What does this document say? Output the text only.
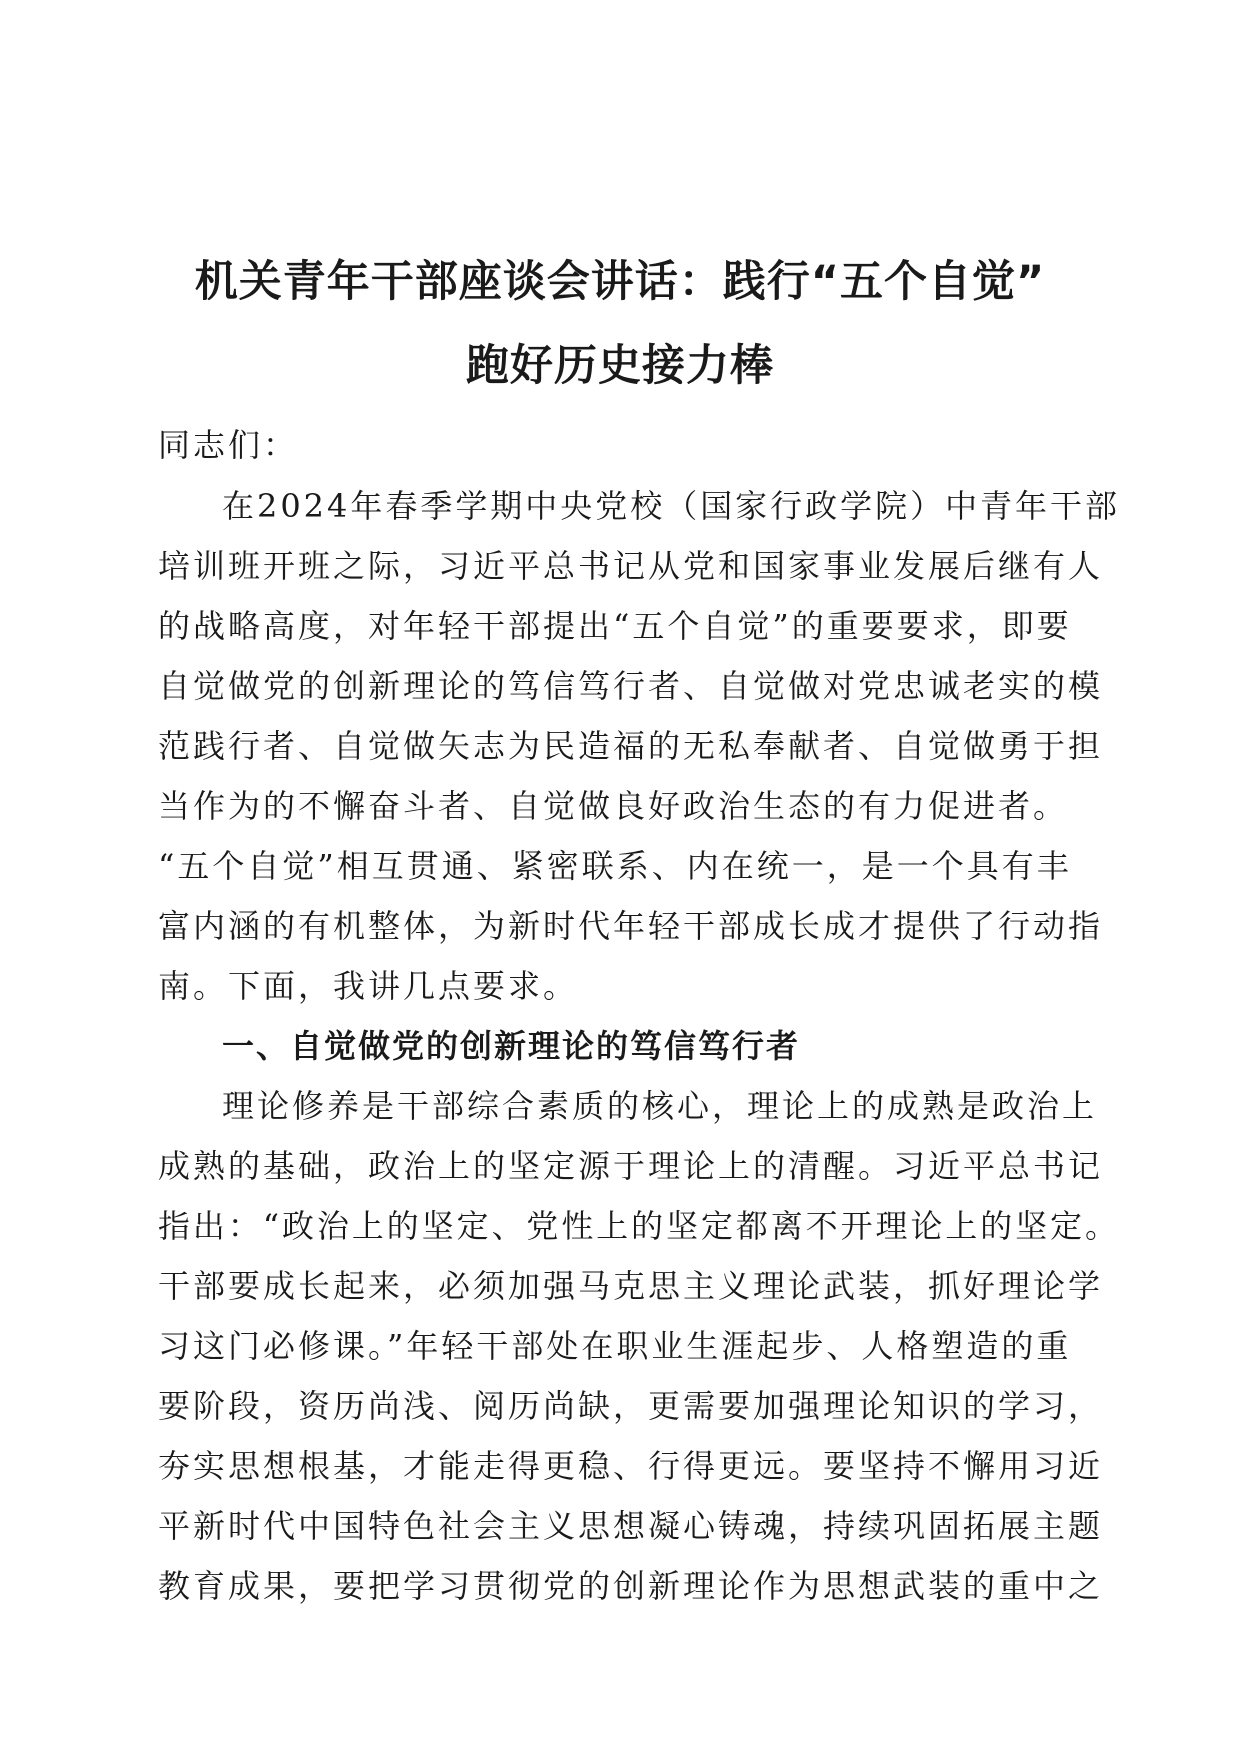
机关青年干部座谈会讲话：践行“五个自觉”
跑好历史接力棒
同志们：
在2024年春季学期中央党校（国家行政学院）中青年干部
培训班开班之际，习近平总书记从党和国家事业发展后继有人
的战略高度，对年轻干部提出“五个自觉”的重要要求，即要
自觉做党的创新理论的笃信笃行者、自觉做对党忠诚老实的模
范践行者、自觉做矢志为民造福的无私奉献者、自觉做勇于担
当作为的不懈奋斗者、自觉做良好政治生态的有力促进者。
“五个自觉”相互贯通、紧密联系、内在统一，是一个具有丰
富内涵的有机整体，为新时代年轻干部成长成才提供了行动指
南。下面，我讲几点要求。
一、自觉做党的创新理论的笃信笃行者
理论修养是干部综合素质的核心，理论上的成熟是政治上
成熟的基础，政治上的坚定源于理论上的清醒。习近平总书记
指出：“政治上的坚定、党性上的坚定都离不开理论上的坚定。
干部要成长起来，必须加强马克思主义理论武装，抓好理论学
习这门必修课。”年轻干部处在职业生涯起步、人格塑造的重
要阶段，资历尚浅、阅历尚缺，更需要加强理论知识的学习，
夯实思想根基，才能走得更稳、行得更远。要坚持不懈用习近
平新时代中国特色社会主义思想凝心铸魂，持续巩固拓展主题
教育成果，要把学习贯彻党的创新理论作为思想武装的重中之
